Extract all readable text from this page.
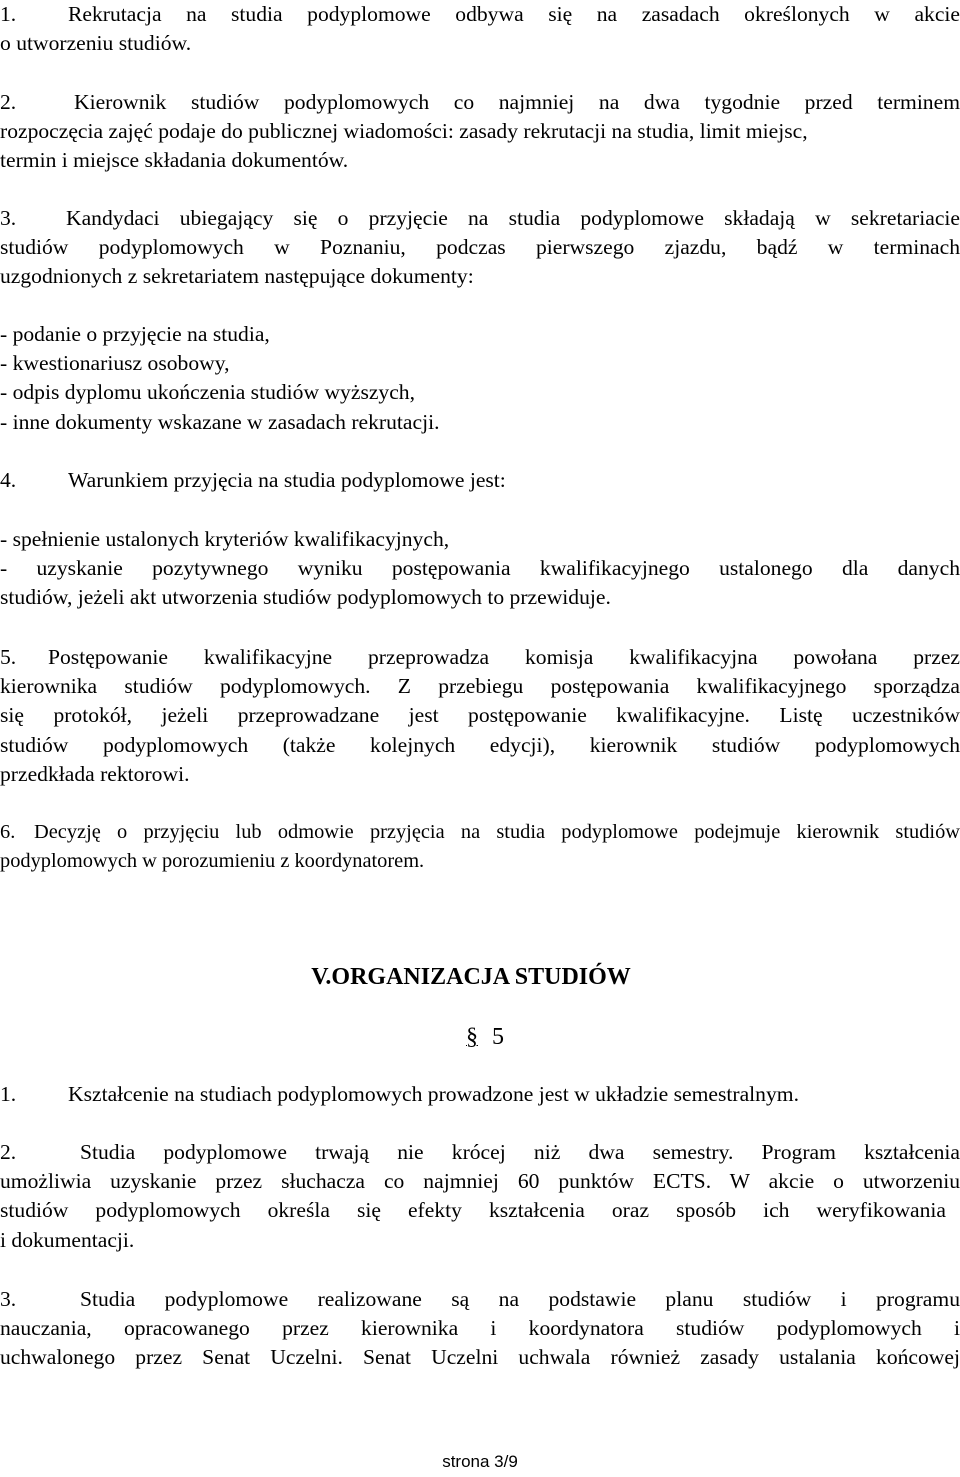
1. Rekrutacja na studia podyplomowe odbywa się na zasadach określonych w akcie
o utworzeniu studiów.
2.	Kierownik studiów podyplomowych co najmniej na dwa tygodnie przed terminem
rozpoczęcia zajęć podaje do publicznej wiadomości: zasady rekrutacji na studia, limit miejsc,
termin i miejsce składania dokumentów.
3. Kandydaci ubiegający się o przyjęcie na studia podyplomowe składają w sekretariacie
studiów podyplomowych w Poznaniu, podczas pierwszego zjazdu, bądź w terminach
uzgodnionych z sekretariatem następujące dokumenty:
- podanie o przyjęcie na studia,
- kwestionariusz osobowy,
- odpis dyplomu ukończenia studiów wyższych,
- inne dokumenty wskazane w zasadach rekrutacji.
4. Warunkiem przyjęcia na studia podyplomowe jest:
- spełnienie ustalonych kryteriów kwalifikacyjnych,
- uzyskanie pozytywnego wyniku postępowania kwalifikacyjnego ustalonego dla danych
studiów, jeżeli akt utworzenia studiów podyplomowych to przewiduje.
5. Postępowanie kwalifikacyjne przeprowadza komisja kwalifikacyjna powołana przez
kierownika studiów podyplomowych. Z przebiegu postępowania kwalifikacyjnego sporządza
się protokół, jeżeli przeprowadzane jest postępowanie kwalifikacyjne. Listę uczestników
studiów podyplomowych (także kolejnych edycji), kierownik studiów podyplomowych
przedkłada rektorowi.
6. Decyzję o przyjęciu lub odmowie przyjęcia na studia podyplomowe podejmuje kierownik studiów
podyplomowych w porozumieniu z koordynatorem.
V.ORGANIZACJA STUDIÓW
§ 5
1. Kształcenie na studiach podyplomowych prowadzone jest w układzie semestralnym.
2.	Studia podyplomowe trwają nie krócej niż dwa semestry. Program kształcenia
umożliwia uzyskanie przez słuchacza co najmniej 60 punktów ECTS. W akcie o utworzeniu
studiów podyplomowych określa się efekty kształcenia oraz sposób ich weryfikowania
i dokumentacji.
3.	Studia podyplomowe realizowane są na podstawie planu studiów i programu
nauczania, opracowanego przez kierownika i koordynatora studiów podyplomowych i
uchwalonego przez Senat Uczelni. Senat Uczelni uchwala również zasady ustalania końcowej
strona 3/9
